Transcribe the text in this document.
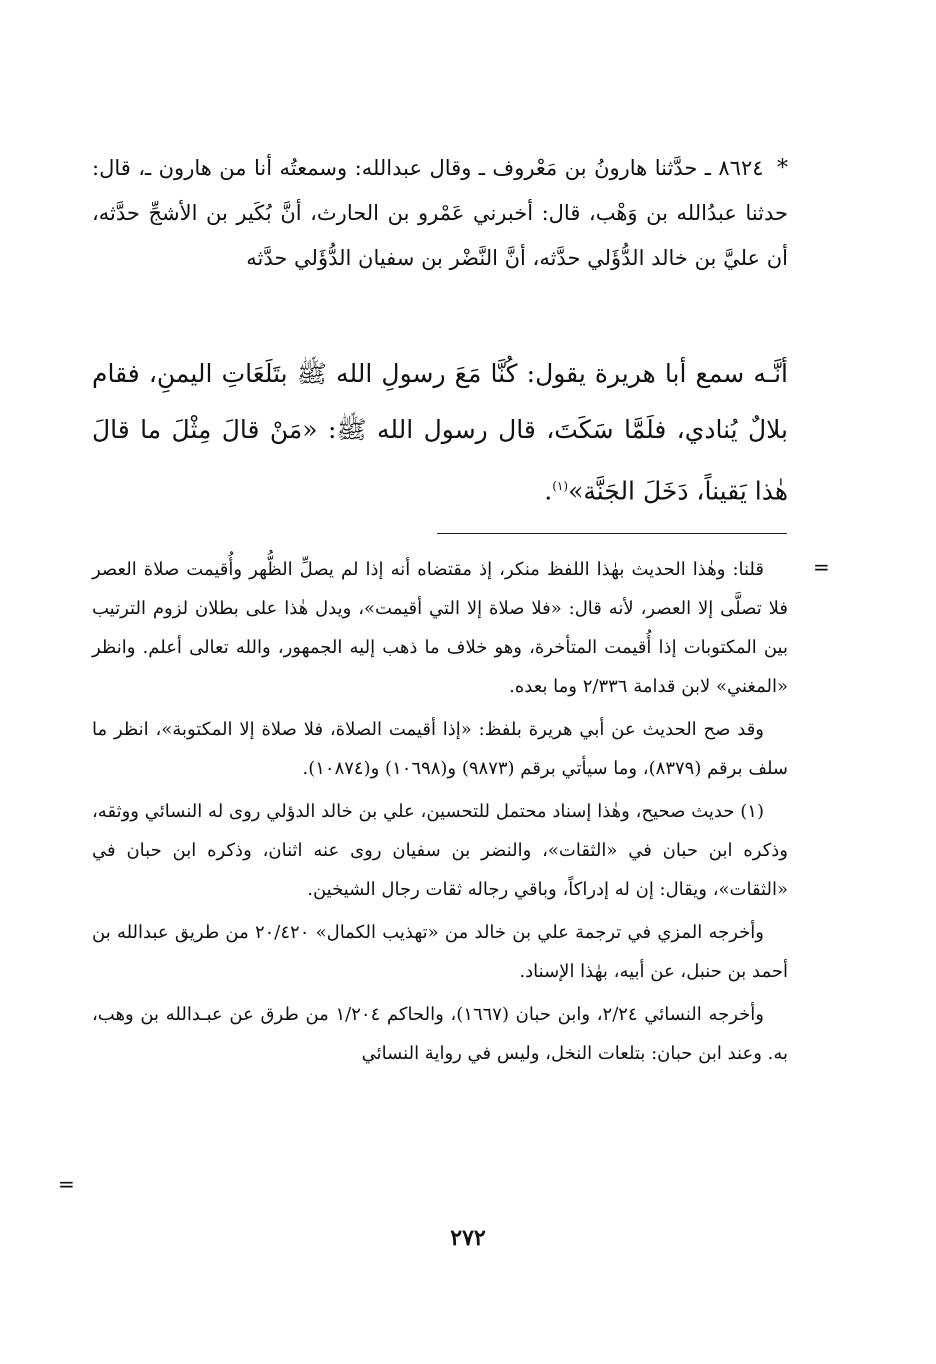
* ٨٦٢٤ ـ حدَّثنا هارونُ بن مَعْروف ـ وقال عبدالله: وسمعتُه أنا من هارون ـ، قال: حدثنا عبدُالله بن وَهْب، قال: أخبرني عَمْرو بن الحارث، أنَّ بُكَير بن الأشجِّ حدَّثه، أن عليَّ بن خالد الدُّؤَلي حدَّثه، أنَّ النَّضْر بن سفيان الدُّؤَلي حدَّثه
أنَّـه سمع أبا هريرة يقول: كُنَّا مَعَ رسولِ الله ﷺ بتَلَعَاتِ اليمنِ، فقام بلالٌ يُنادي، فلَمَّا سَكَتَ، قال رسول الله ﷺ: «مَنْ قالَ مِثْلَ ما قالَ هٰذا يَقيناً، دَخَلَ الجَنَّة»$^{(١)}$.
=

قلنا: وهٰذا الحديث بهٰذا اللفظ منكر، إذ مقتضاه أنه إذا لم يصلِّ الظُّهر وأُقيمت صلاة العصر فلا تصلَّى إلا العصر، لأنه قال: «فلا صلاة إلا التي أقيمت»، ويدل هٰذا على بطلان لزوم الترتيب بين المكتوبات إذا أُقيمت المتأخرة، وهو خلاف ما ذهب إليه الجمهور، والله تعالى أعلم. وانظر «المغني» لابن قدامة ٢/٣٣٦ وما بعده.

وقد صح الحديث عن أبي هريرة بلفظ: «إذا أقيمت الصلاة، فلا صلاة إلا المكتوبة»، انظر ما سلف برقم (٨٣٧٩)، وما سيأتي برقم (٩٨٧٣) و(١٠٦٩٨) و(١٠٨٧٤).

(١) حديث صحيح، وهٰذا إسناد محتمل للتحسين، علي بن خالد الدؤلي روى له النسائي ووثقه، وذكره ابن حبان في «الثقات»، والنضر بن سفيان روى عنه اثنان، وذكره ابن حبان في «الثقات»، ويقال: إن له إدراكاً، وباقي رجاله ثقات رجال الشيخين.

وأخرجه المزي في ترجمة علي بن خالد من «تهذيب الكمال» ٢٠/٤٢٠ من طريق عبدالله بن أحمد بن حنبل، عن أبيه، بهٰذا الإسناد.

وأخرجه النسائي ٢/٢٤، وابن حبان (١٦٦٧)، والحاكم ١/٢٠٤ من طرق عن عبـدالله بن وهب، به. وعند ابن حبان: بتلعات النخل، وليس في رواية النسائي

=
٢٧٢
